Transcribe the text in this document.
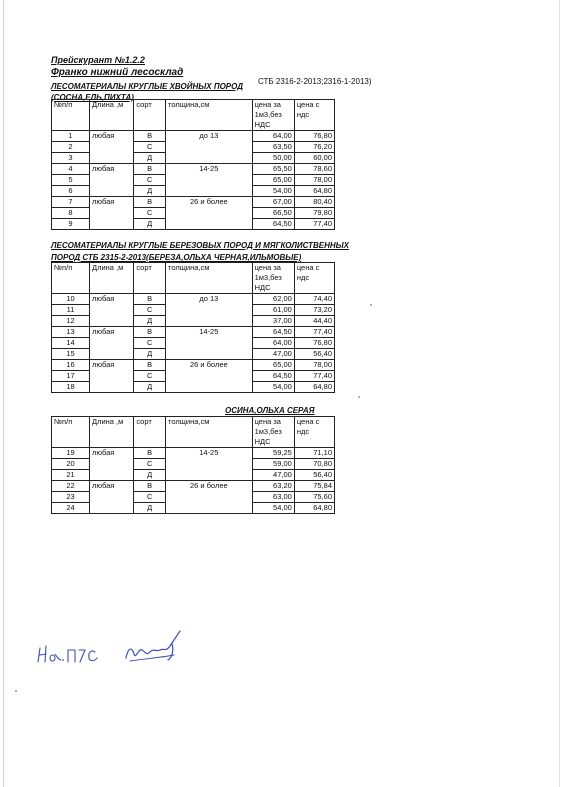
Прейскурант №1.2.2
Франко нижний лесосклад
ЛЕСОМАТЕРИАЛЫ КРУГЛЫЕ ХВОЙНЫХ ПОРОД
(СОСНА,ЕЛЬ,ПИХТА)
СТБ 2316-2-2013;2316-1-2013)
№п/п	Длина ,м	сорт	толщина,см	цена за 1м3,без НДС	цена с ндс
1	любая	В	до 13	64,00	76,80
2		С		63,50	76,20
3		Д		50,00	60,00
4	любая	В	14-25	65,50	78,60
5		С		65,00	78,00
6		Д		54,00	64,80
7	любая	В	26 и более	67,00	80,40
8		С		66,50	79,80
9		Д		64,50	77,40
ЛЕСОМАТЕРИАЛЫ КРУГЛЫЕ БЕРЕЗОВЫХ ПОРОД И МЯГКОЛИСТВЕННЫХ
ПОРОД СТБ 2315-2-2013(БЕРЕЗА,ОЛЬХА ЧЕРНАЯ,ИЛЬМОВЫЕ)
№п/п	Длина ,м	сорт	толщина,см	цена за 1м3,без НДС	цена с ндс
10	любая	В	до 13	62,00	74,40
11		С		61,00	73,20
12		Д		37,00	44,40
13	любая	В	14-25	64,50	77,40
14		С		64,00	76,80
15		Д		47,00	56,40
16	любая	В	26 и более	65,00	78,00
17		С		64,50	77,40
18		Д		54,00	64,80
ОСИНА,ОЛЬХА СЕРАЯ
№п/п	Длина ,м	сорт	толщина,см	цена за 1м3,без НДС	цена с ндс
19	любая	В	14-25	59,25	71,10
20		С		59,00	70,80
21		Д		47,00	56,40
22	любая	В	26 и более	63,20	75,84
23		С		63,00	75,60
24		Д		54,00	64,80
